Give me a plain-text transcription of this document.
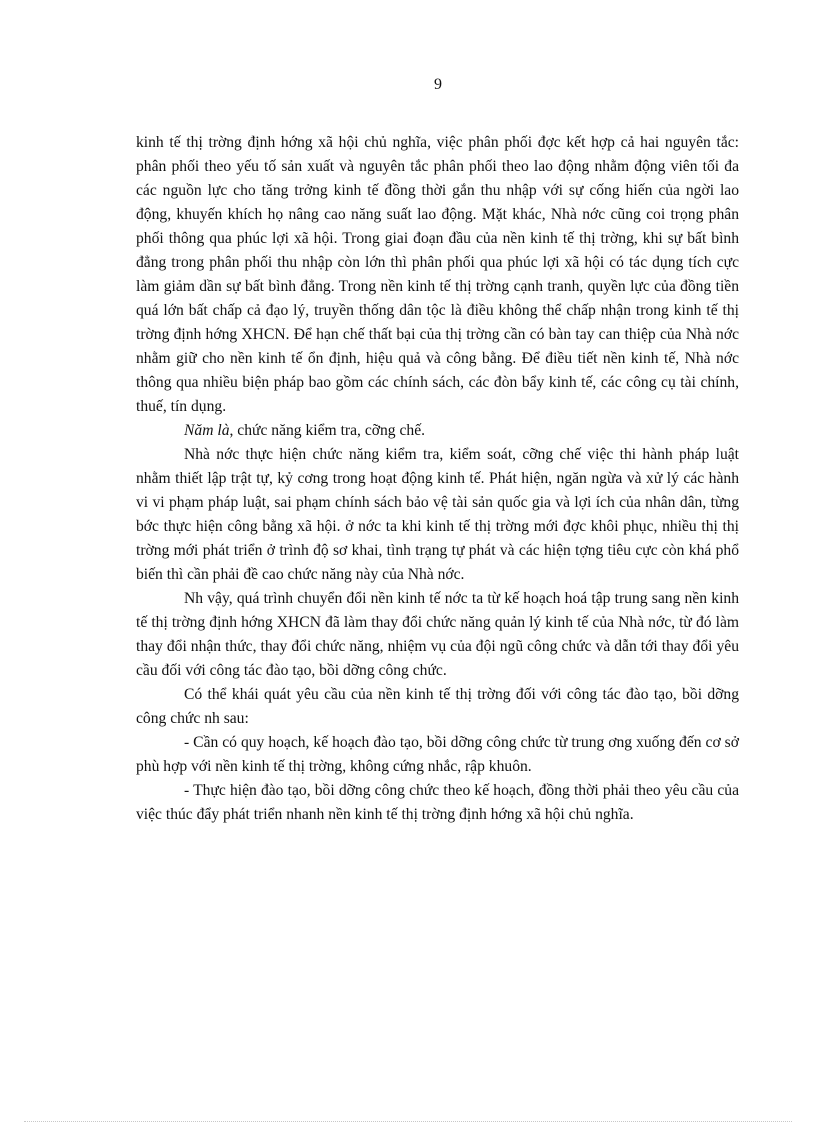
9

kinh tế thị trờng định hớng xã hội chủ nghĩa, việc phân phối đợc kết hợp cả hai nguyên tắc: phân phối theo yếu tố sản xuất và nguyên tắc phân phối theo lao động nhằm động viên tối đa các nguồn lực cho tăng trởng kinh tế đồng thời gắn thu nhập với sự cống hiến của ngời lao động, khuyến khích họ nâng cao năng suất lao động. Mặt khác, Nhà nớc cũng coi trọng phân phối thông qua phúc lợi xã hội. Trong giai đoạn đầu của nền kinh tế thị trờng, khi sự bất bình đẳng trong phân phối thu nhập còn lớn thì phân phối qua phúc lợi xã hội có tác dụng tích cực làm giảm dần sự bất bình đẳng. Trong nền kinh tế thị trờng cạnh tranh, quyền lực của đồng tiền quá lớn bất chấp cả đạo lý, truyền thống dân tộc là điều không thể chấp nhận trong kinh tế thị trờng định hớng XHCN. Để hạn chế thất bại của thị trờng cần có bàn tay can thiệp của Nhà nớc nhằm giữ cho nền kinh tế ổn định, hiệu quả và công bằng. Để điều tiết nền kinh tế, Nhà nớc thông qua nhiều biện pháp bao gồm các chính sách, các đòn bẩy kinh tế, các công cụ tài chính, thuế, tín dụng.

Năm là, chức năng kiểm tra, cỡng chế.

Nhà nớc thực hiện chức năng kiểm tra, kiểm soát, cỡng chế việc thi hành pháp luật nhằm thiết lập trật tự, kỷ cơng trong hoạt động kinh tế. Phát hiện, ngăn ngừa và xử lý các hành vi vi phạm pháp luật, sai phạm chính sách bảo vệ tài sản quốc gia và lợi ích của nhân dân, từng bớc thực hiện công bằng xã hội. ở nớc ta khi kinh tế thị trờng mới đợc khôi phục, nhiều thị thị trờng mới phát triển ở trình độ sơ khai, tình trạng tự phát và các hiện tợng tiêu cực còn khá phổ biến thì cần phải đề cao chức năng này của Nhà nớc.

Nh vậy, quá trình chuyển đổi nền kinh tế nớc ta từ kế hoạch hoá tập trung sang nền kinh tế thị trờng định hớng XHCN đã làm thay đổi chức năng quản lý kinh tế của Nhà nớc, từ đó làm thay đổi nhận thức, thay đổi chức năng, nhiệm vụ của đội ngũ công chức và dẫn tới thay đổi yêu cầu đối với công tác đào tạo, bồi dỡng công chức.

Có thể khái quát yêu cầu của nền kinh tế thị trờng đối với công tác đào tạo, bồi dỡng công chức nh sau:

- Cần có quy hoạch, kế hoạch đào tạo, bồi dỡng công chức từ trung ơng xuống đến cơ sở phù hợp với nền kinh tế thị trờng, không cứng nhắc, rập khuôn.

- Thực hiện đào tạo, bồi dỡng công chức theo kế hoạch, đồng thời phải theo yêu cầu của việc thúc đẩy phát triển nhanh nền kinh tế thị trờng định hớng xã hội chủ nghĩa.
